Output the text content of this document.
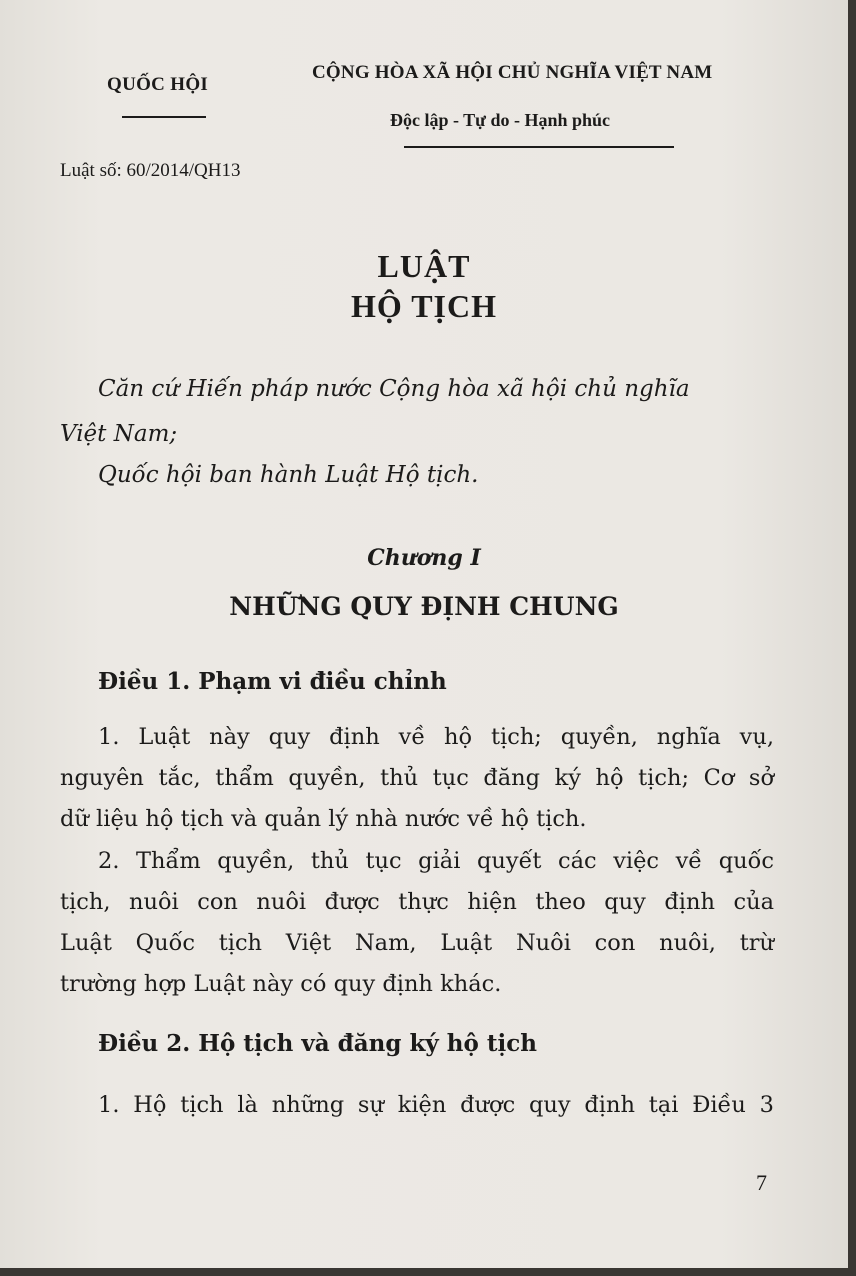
QUỐC HỘI
CỘNG HÒA XÃ HỘI CHỦ NGHĨA VIỆT NAM
Độc lập - Tự do - Hạnh phúc
Luật số: 60/2014/QH13
LUẬT
HỘ TỊCH
Căn cứ Hiến pháp nước Cộng hòa xã hội chủ nghĩa
Việt Nam;
Quốc hội ban hành Luật Hộ tịch.
Chương I
NHỮNG QUY ĐỊNH CHUNG
Điều 1. Phạm vi điều chỉnh
1. Luật này quy định về hộ tịch; quyền, nghĩa vụ,
nguyên tắc, thẩm quyền, thủ tục đăng ký hộ tịch; Cơ sở
dữ liệu hộ tịch và quản lý nhà nước về hộ tịch.
2. Thẩm quyền, thủ tục giải quyết các việc về quốc
tịch, nuôi con nuôi được thực hiện theo quy định của
Luật Quốc tịch Việt Nam, Luật Nuôi con nuôi, trừ
trường hợp Luật này có quy định khác.
Điều 2. Hộ tịch và đăng ký hộ tịch
1. Hộ tịch là những sự kiện được quy định tại Điều 3
7
